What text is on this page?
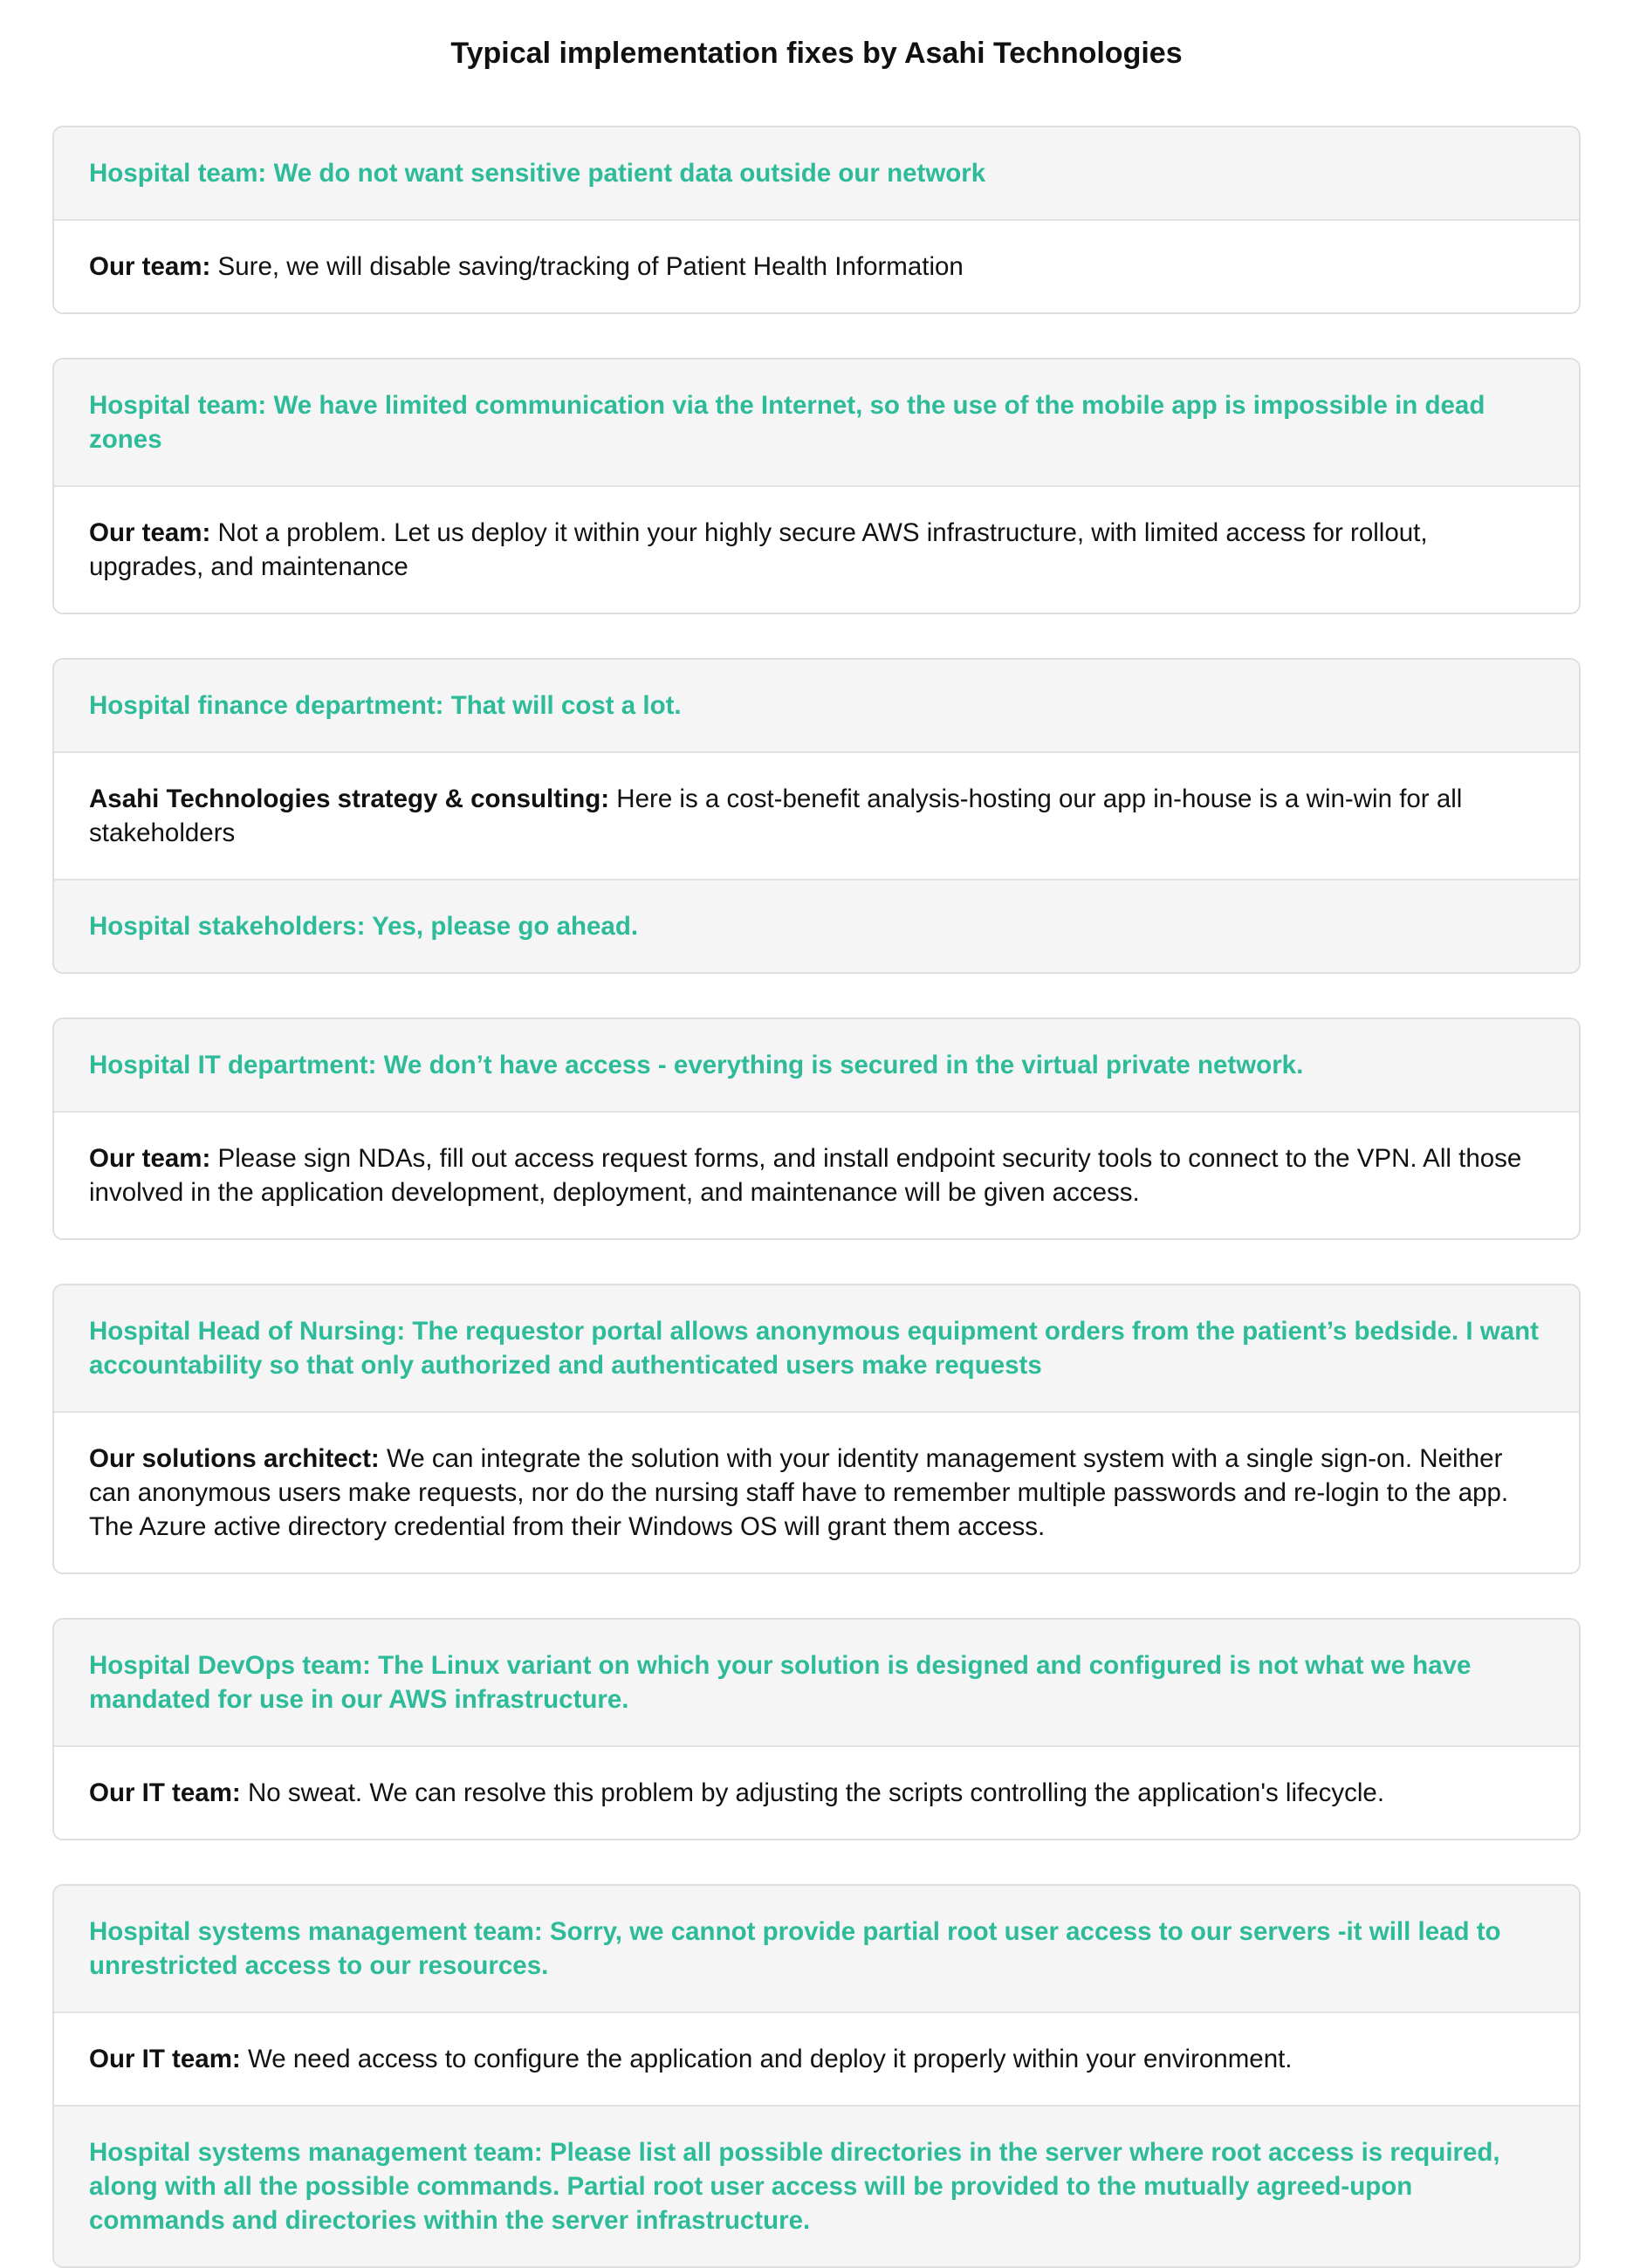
Typical implementation fixes by Asahi Technologies
Hospital team: We do not want sensitive patient data outside our network
Our team: Sure, we will disable saving/tracking of Patient Health Information
Hospital team: We have limited communication via the Internet, so the use of the mobile app is impossible in dead zones
Our team: Not a problem. Let us deploy it within your highly secure AWS infrastructure, with limited access for rollout, upgrades, and maintenance
Hospital finance department: That will cost a lot.
Asahi Technologies strategy & consulting: Here is a cost-benefit analysis-hosting our app in-house is a win-win for all stakeholders
Hospital stakeholders: Yes, please go ahead.
Hospital IT department: We don’t have access - everything is secured in the virtual private network.
Our team: Please sign NDAs, fill out access request forms, and install endpoint security tools to connect to the VPN. All those involved in the application development, deployment, and maintenance will be given access.
Hospital Head of Nursing: The requestor portal allows anonymous equipment orders from the patient’s bedside. I want accountability so that only authorized and authenticated users make requests
Our solutions architect: We can integrate the solution with your identity management system with a single sign-on. Neither can anonymous users make requests, nor do the nursing staff have to remember multiple passwords and re-login to the app. The Azure active directory credential from their Windows OS will grant them access.
Hospital DevOps team: The Linux variant on which your solution is designed and configured is not what we have mandated for use in our AWS infrastructure.
Our IT team: No sweat. We can resolve this problem by adjusting the scripts controlling the application's lifecycle.
Hospital systems management team: Sorry, we cannot provide partial root user access to our servers -it will lead to unrestricted access to our resources.
Our IT team: We need access to configure the application and deploy it properly within your environment.
Hospital systems management team: Please list all possible directories in the server where root access is required, along with all the possible commands. Partial root user access will be provided to the mutually agreed-upon commands and directories within the server infrastructure.
